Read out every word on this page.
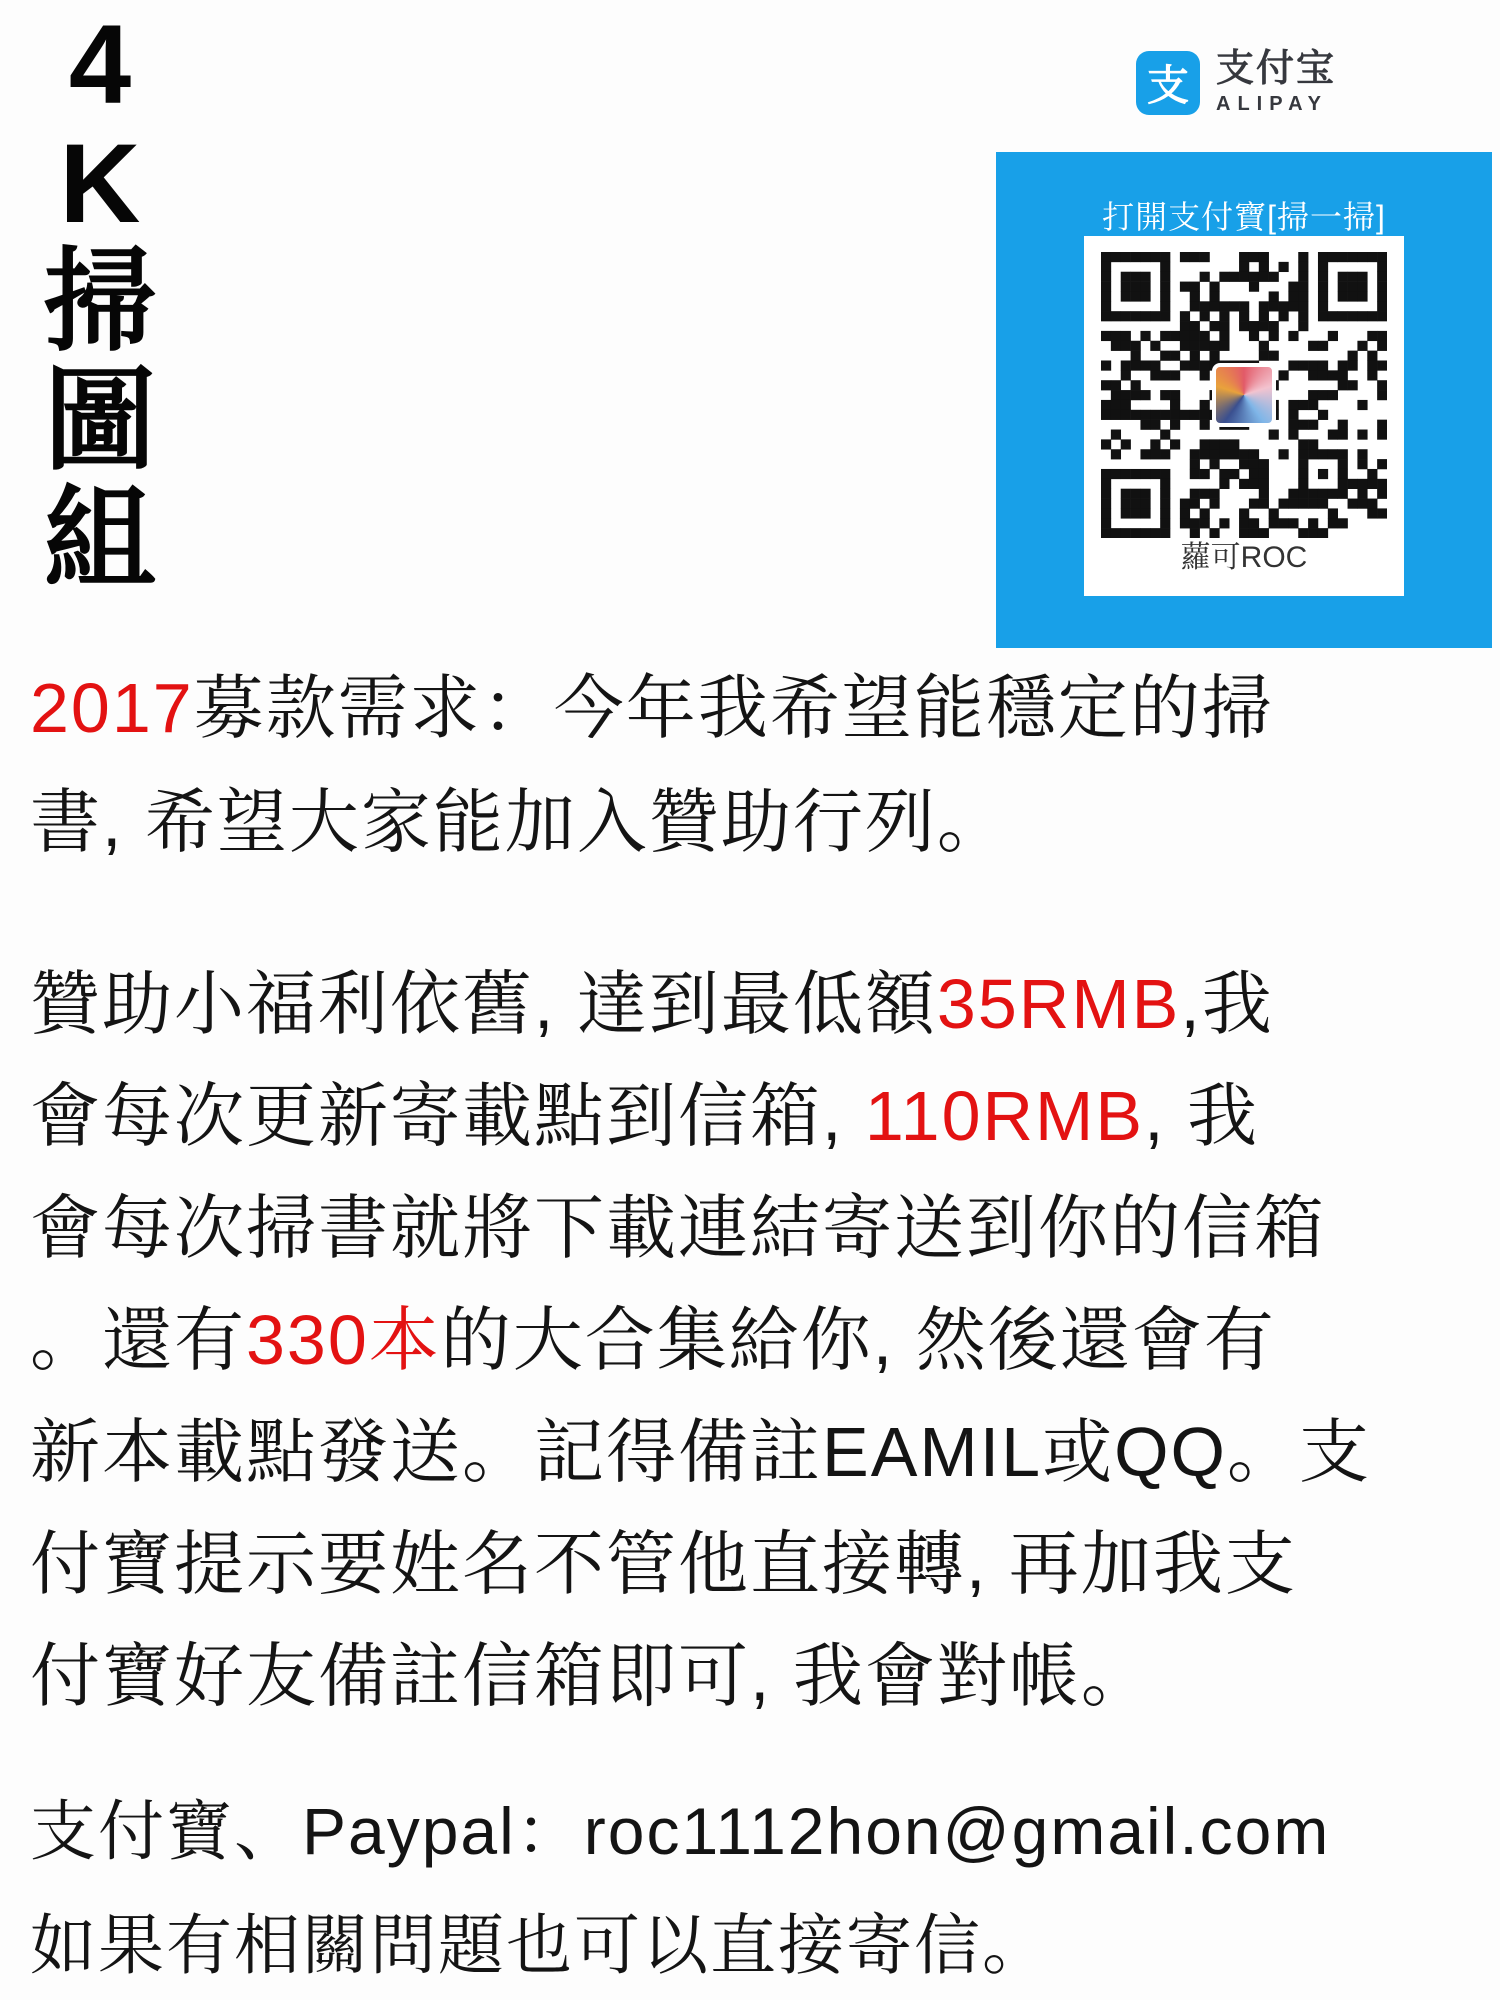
4
K
掃
圖
組
支 支付宝
ALIPAY
打開支付寶[掃一掃]
蘿可ROC
2017募款需求：今年我希望能穩定的掃
書, 希望大家能加入贊助行列。
贊助小福利依舊, 達到最低額35RMB,我
會每次更新寄載點到信箱, 110RMB, 我
會每次掃書就將下載連結寄送到你的信箱
。還有330本的大合集給你, 然後還會有
新本載點發送。記得備註EAMIL或QQ。支
付寶提示要姓名不管他直接轉, 再加我支
付寶好友備註信箱即可, 我會對帳。
支付寶、Paypal：roc1112hon@gmail.com
如果有相關問題也可以直接寄信。
